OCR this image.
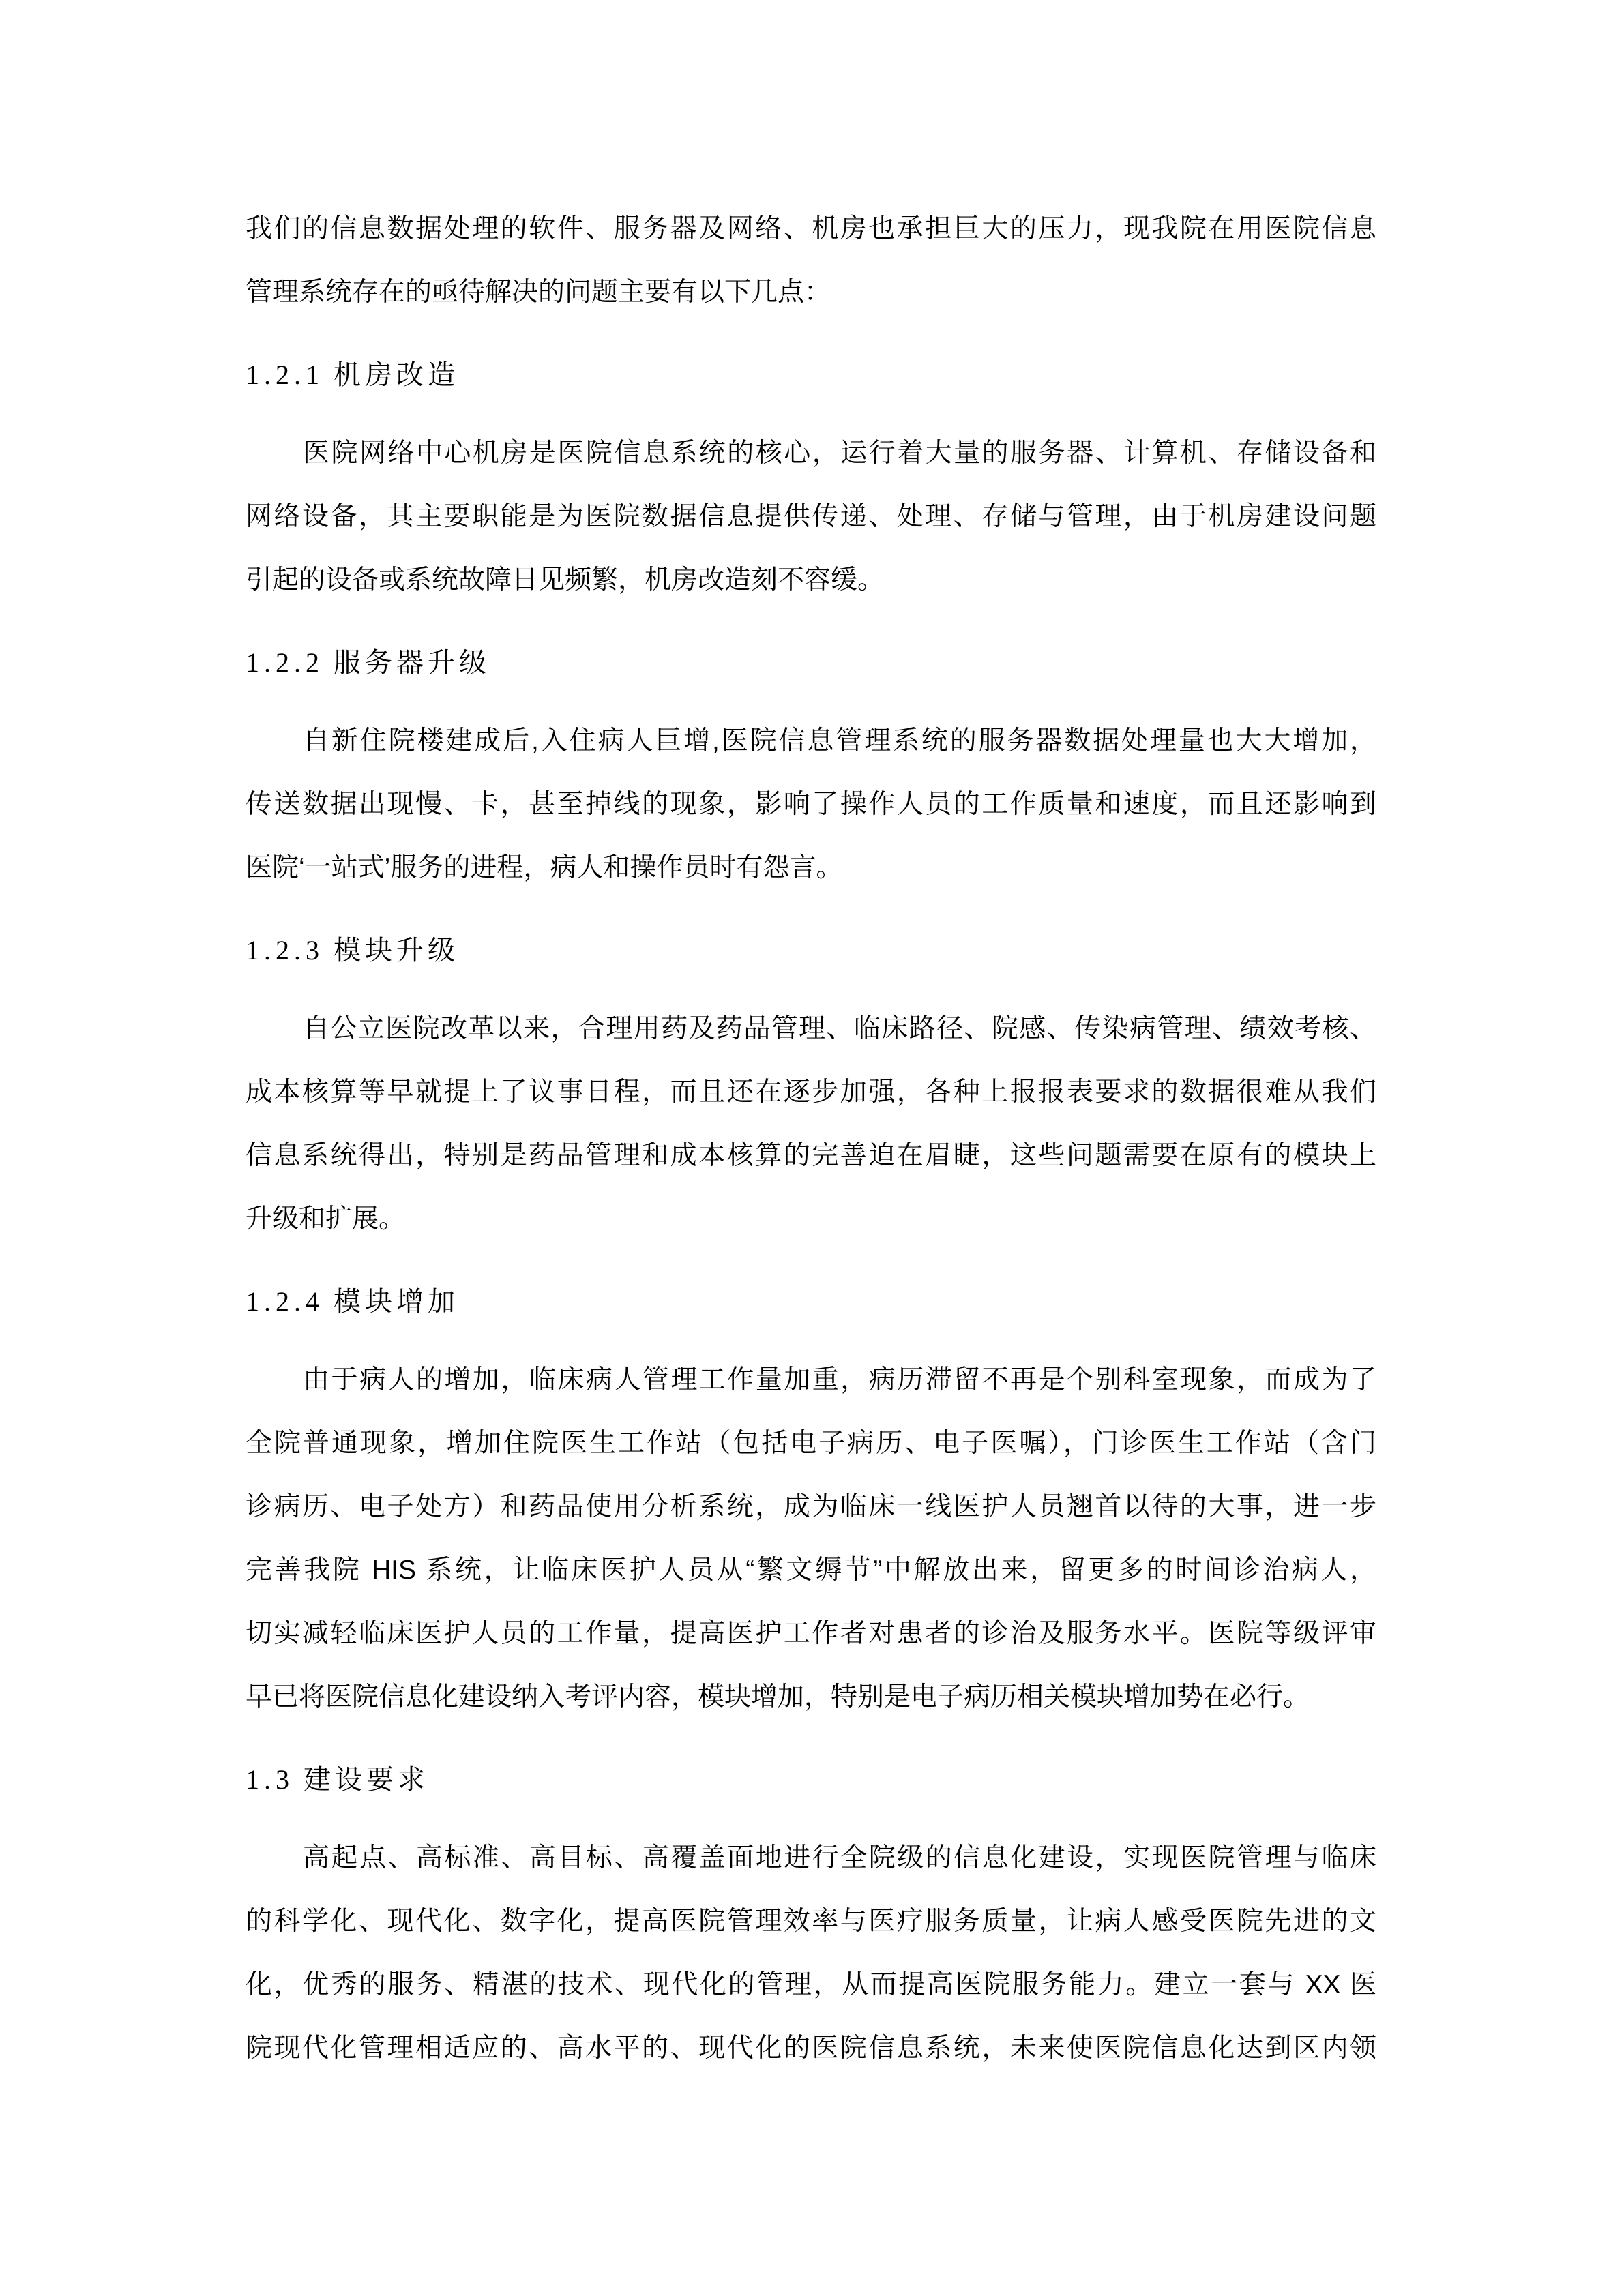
我们的信息数据处理的软件、服务器及网络、机房也承担巨大的压力，现我院在用医院信息
管理系统存在的亟待解决的问题主要有以下几点：
1.2.1 机房改造
医院网络中心机房是医院信息系统的核心，运行着大量的服务器、计算机、存储设备和
网络设备，其主要职能是为医院数据信息提供传递、处理、存储与管理，由于机房建设问题
引起的设备或系统故障日见频繁，机房改造刻不容缓。
1.2.2 服务器升级
自新住院楼建成后,入住病人巨增,医院信息管理系统的服务器数据处理量也大大增加，
传送数据出现慢、卡，甚至掉线的现象，影响了操作人员的工作质量和速度，而且还影响到
医院‘一站式’服务的进程，病人和操作员时有怨言。
1.2.3 模块升级
自公立医院改革以来，合理用药及药品管理、临床路径、院感、传染病管理、绩效考核、
成本核算等早就提上了议事日程，而且还在逐步加强，各种上报报表要求的数据很难从我们
信息系统得出，特别是药品管理和成本核算的完善迫在眉睫，这些问题需要在原有的模块上
升级和扩展。
1.2.4 模块增加
由于病人的增加，临床病人管理工作量加重，病历滞留不再是个别科室现象，而成为了
全院普通现象，增加住院医生工作站（包括电子病历、电子医嘱），门诊医生工作站（含门
诊病历、电子处方）和药品使用分析系统，成为临床一线医护人员翘首以待的大事，进一步
完善我院 HIS 系统，让临床医护人员从“繁文缛节”中解放出来，留更多的时间诊治病人，
切实减轻临床医护人员的工作量，提高医护工作者对患者的诊治及服务水平。医院等级评审
早已将医院信息化建设纳入考评内容，模块增加，特别是电子病历相关模块增加势在必行。
1.3 建设要求
高起点、高标准、高目标、高覆盖面地进行全院级的信息化建设，实现医院管理与临床
的科学化、现代化、数字化，提高医院管理效率与医疗服务质量，让病人感受医院先进的文
化，优秀的服务、精湛的技术、现代化的管理，从而提高医院服务能力。建立一套与 XX 医
院现代化管理相适应的、高水平的、现代化的医院信息系统，未来使医院信息化达到区内领
